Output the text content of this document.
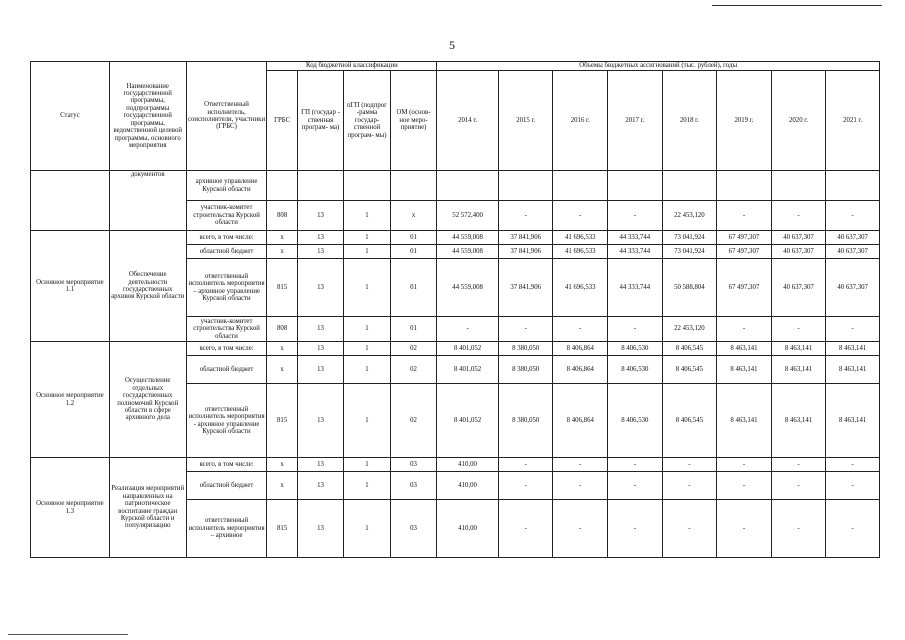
5
Статус	Наименование государственной программы, подпрограммы государственной программы, ведомственной целевой программы, основного мероприятия	Ответственный исполнитель, соисполнители, участники (ГРБС)	Код бюджетной классификации				Объемы бюджетных ассигнований (тыс. рублей), годы							
			ГРБС	ГП (государ - ственная програм- ма)	пГП (подпрог -рамма государ- ственной програм- мы)	ОМ (основ- ное меро- приятие)	2014 г.	2015 г.	2016 г.	2017 г.	2018 г.	2019 г.	2020 г.	2021 г.
	документов	архивное управление Курской области												
		участник-комитет строительства Курской области	808	13	1	х	52 572,400	-	-	-	22 453,120	-	-	-
Основное мероприятие 1.1	Обеспечение деятельности государственных архивов Курской области	всего, в том числе:	х	13	1	01	44 559,008	37 841,906	41 696,533	44 333,744	73 041,924	67 497,307	40 637,307	40 637,307
		областной бюджет	х	13	1	01	44 559,008	37 841,906	41 696,533	44 333,744	73 041,924	67 497,307	40 637,307	40 637,307
		ответственный исполнитель мероприятия – архивное управление Курской области	815	13	1	01	44 559,008	37 841,906	41 696,533	44 333,744	50 588,804	67 497,307	40 637,307	40 637,307
		участник-комитет строительства Курской области	808	13	1	01	-	-	-	-	22 453,120	-	-	-
Основное мероприятие 1.2	Осуществление отдельных государственных полномочий Курской области в сфере архивного дела	всего, в том числе:	х	13	1	02	8 401,052	8 380,050	8 406,864	8 406,530	8 406,545	8 463,141	8 463,141	8 463,141
		областной бюджет	х	13	1	02	8 401,052	8 380,050	8 406,864	8 406,530	8 406,545	8 463,141	8 463,141	8 463,141
		ответственный исполнитель мероприятия - архивное управление Курской области	815	13	1	02	8 401,052	8 380,050	8 406,864	8 406,530	8 406,545	8 463,141	8 463,141	8 463,141
Основное мероприятие 1.3	Реализация мероприятий направленных на патриотическое воспитание граждан Курской области и популяризацию	всего, в том числе:	х	13	1	03	410,00	-	-	-	-	-	-	-
		областной бюджет	х	13	1	03	410,00	-	-	-	-	-	-	-
		ответственный исполнитель мероприятия – архивное	815	13	1	03	410,00	-	-	-	-	-	-	-
